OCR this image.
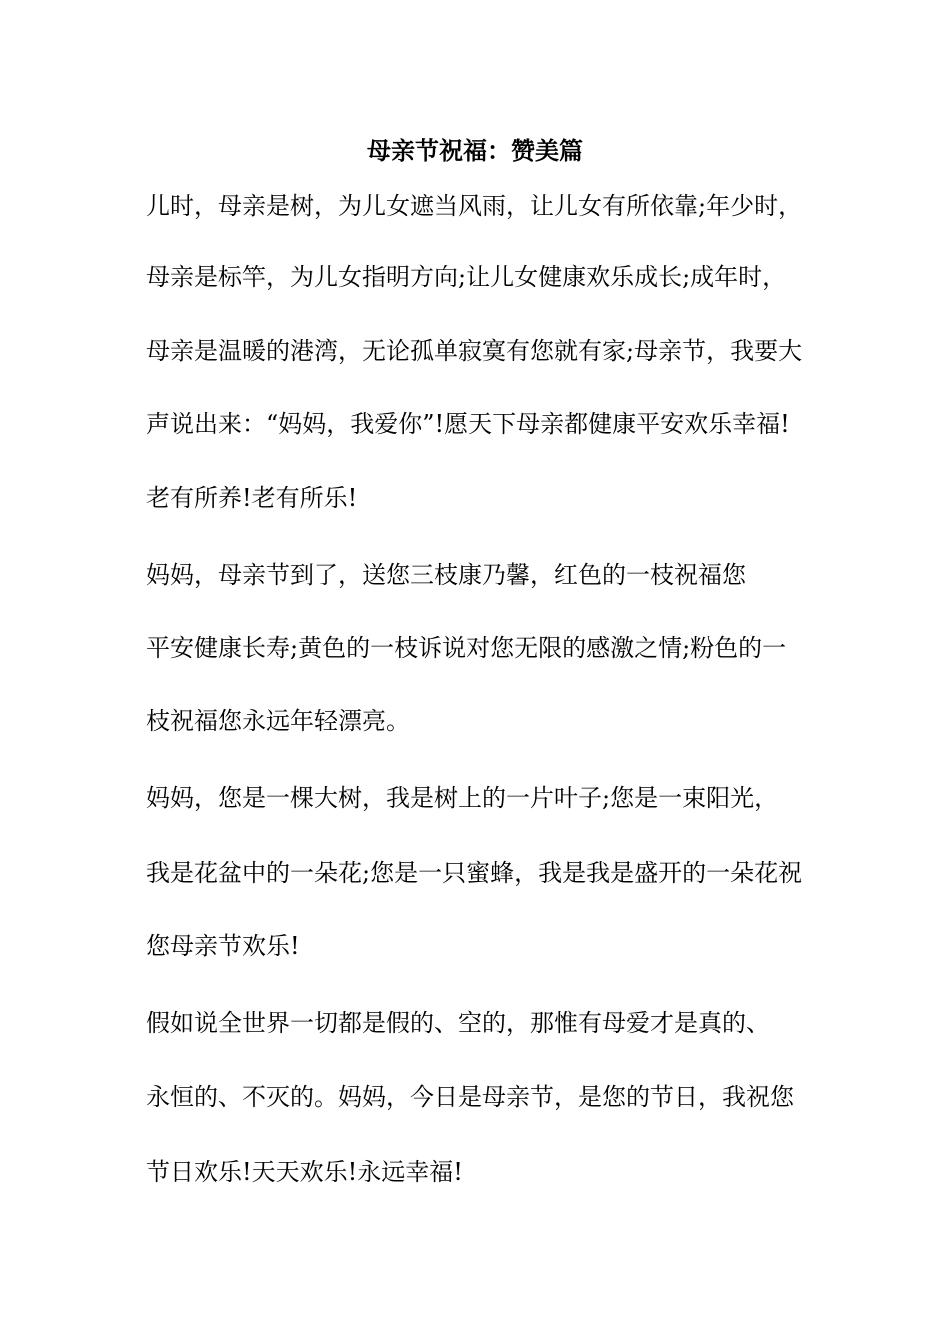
母亲节祝福：赞美篇

儿时，母亲是树，为儿女遮当风雨，让儿女有所依靠;年少时，

母亲是标竿，为儿女指明方向;让儿女健康欢乐成长;成年时，

母亲是温暖的港湾，无论孤单寂寞有您就有家;母亲节，我要大

声说出来：“妈妈，我爱你”!愿天下母亲都健康平安欢乐幸福!

老有所养!老有所乐!

妈妈，母亲节到了，送您三枝康乃馨，红色的一枝祝福您

平安健康长寿;黄色的一枝诉说对您无限的感激之情;粉色的一

枝祝福您永远年轻漂亮。

妈妈，您是一棵大树，我是树上的一片叶子;您是一束阳光，

我是花盆中的一朵花;您是一只蜜蜂，我是我是盛开的一朵花祝

您母亲节欢乐!

假如说全世界一切都是假的、空的，那惟有母爱才是真的、

永恒的、不灭的。妈妈，今日是母亲节，是您的节日，我祝您

节日欢乐!天天欢乐!永远幸福!
